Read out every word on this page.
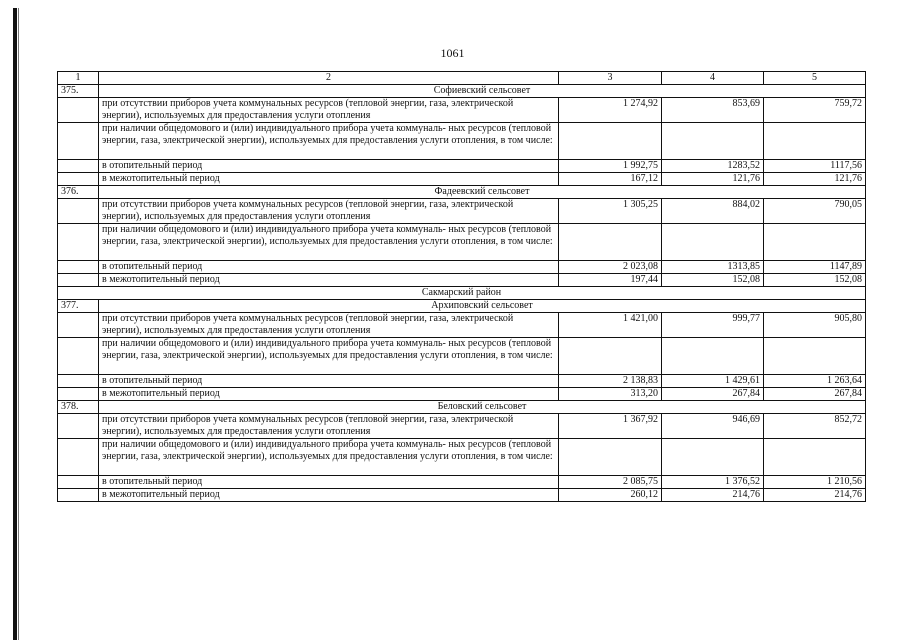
1061
1	2	3	4	5
375.	Софиевский сельсовет			
	при отсутствии приборов учета коммунальных ресурсов (тепловой энергии, газа, электрической энергии), используемых для предоставления услуги отопления	1 274,92	853,69	759,72
	при наличии общедомового и (или) индивидуального прибора учета коммуналь- ных ресурсов (тепловой энергии, газа, электрической энергии), используемых для предоставления услуги отопления, в том числе:			
	в отопительный период	1 992,75	1283,52	1117,56
	в межотопительный период	167,12	121,76	121,76
376.	Фадеевский сельсовет			
	при отсутствии приборов учета коммунальных ресурсов (тепловой энергии, газа, электрической энергии), используемых для предоставления услуги отопления	1 305,25	884,02	790,05
	при наличии общедомового и (или) индивидуального прибора учета коммуналь- ных ресурсов (тепловой энергии, газа, электрической энергии), используемых для предоставления услуги отопления, в том числе:			
	в отопительный период	2 023,08	1313,85	1147,89
	в межотопительный период	197,44	152,08	152,08
Сакмарский район				
377.	Архиповский сельсовет			
	при отсутствии приборов учета коммунальных ресурсов (тепловой энергии, газа, электрической энергии), используемых для предоставления услуги отопления	1 421,00	999,77	905,80
	при наличии общедомового и (или) индивидуального прибора учета коммуналь- ных ресурсов (тепловой энергии, газа, электрической энергии), используемых для предоставления услуги отопления, в том числе:			
	в отопительный период	2 138,83	1 429,61	1 263,64
	в межотопительный период	313,20	267,84	267,84
378.	Беловский сельсовет			
	при отсутствии приборов учета коммунальных ресурсов (тепловой энергии, газа, электрической энергии), используемых для предоставления услуги отопления	1 367,92	946,69	852,72
	при наличии общедомового и (или) индивидуального прибора учета коммуналь- ных ресурсов (тепловой энергии, газа, электрической энергии), используемых для предоставления услуги отопления, в том числе:			
	в отопительный период	2 085,75	1 376,52	1 210,56
	в межотопительный период	260,12	214,76	214,76
